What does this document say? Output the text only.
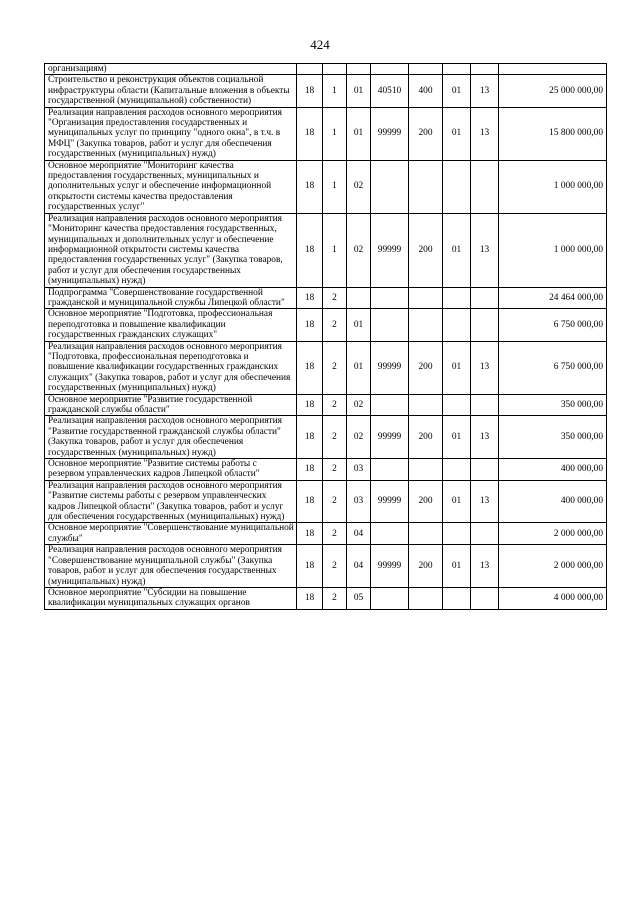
424
организациям)								
Строительство и реконструкция объектов социальной инфраструктуры области (Капитальные вложения в объекты государственной (муниципальной) собственности)	18	1	01	40510	400	01	13	25 000 000,00
Реализация направления расходов основного мероприятия "Организация предоставления государственных и муниципальных услуг по принципу "одного окна", в т.ч. в МФЦ" (Закупка товаров, работ и услуг для обеспечения государственных (муниципальных) нужд)	18	1	01	99999	200	01	13	15 800 000,00
Основное мероприятие "Мониторинг качества предоставления государственных, муниципальных и дополнительных услуг и обеспечение информационной открытости системы качества предоставления государственных услуг"	18	1	02					1 000 000,00
Реализация направления расходов основного мероприятия "Мониторинг качества предоставления государственных, муниципальных и дополнительных услуг и обеспечение информационной открытости системы качества предоставления государственных услуг" (Закупка товаров, работ и услуг для обеспечения государственных (муниципальных) нужд)	18	1	02	99999	200	01	13	1 000 000,00
Подпрограмма "Совершенствование государственной гражданской и муниципальной службы Липецкой области"	18	2						24 464 000,00
Основное мероприятие "Подготовка, профессиональная переподготовка и повышение квалификации государственных гражданских служащих"	18	2	01					6 750 000,00
Реализация направления расходов основного мероприятия "Подготовка, профессиональная переподготовка и повышение квалификации государственных гражданских служащих" (Закупка товаров, работ и услуг для обеспечения государственных (муниципальных) нужд)	18	2	01	99999	200	01	13	6 750 000,00
Основное мероприятие "Развитие государственной гражданской службы области"	18	2	02					350 000,00
Реализация направления расходов основного мероприятия "Развитие государственной гражданской службы области" (Закупка товаров, работ и услуг для обеспечения государственных (муниципальных) нужд)	18	2	02	99999	200	01	13	350 000,00
Основное мероприятие "Развитие системы работы с резервом управленческих кадров Липецкой области"	18	2	03					400 000,00
Реализация направления расходов основного мероприятия "Развитие системы работы с резервом управленческих кадров Липецкой области" (Закупка товаров, работ и услуг для обеспечения государственных (муниципальных) нужд)	18	2	03	99999	200	01	13	400 000,00
Основное мероприятие "Совершенствование муниципальной службы"	18	2	04					2 000 000,00
Реализация направления расходов основного мероприятия "Совершенствование муниципальной службы" (Закупка товаров, работ и услуг для обеспечения государственных (муниципальных) нужд)	18	2	04	99999	200	01	13	2 000 000,00
Основное мероприятие "Субсидии на повышение квалификации муниципальных служащих органов	18	2	05					4 000 000,00
